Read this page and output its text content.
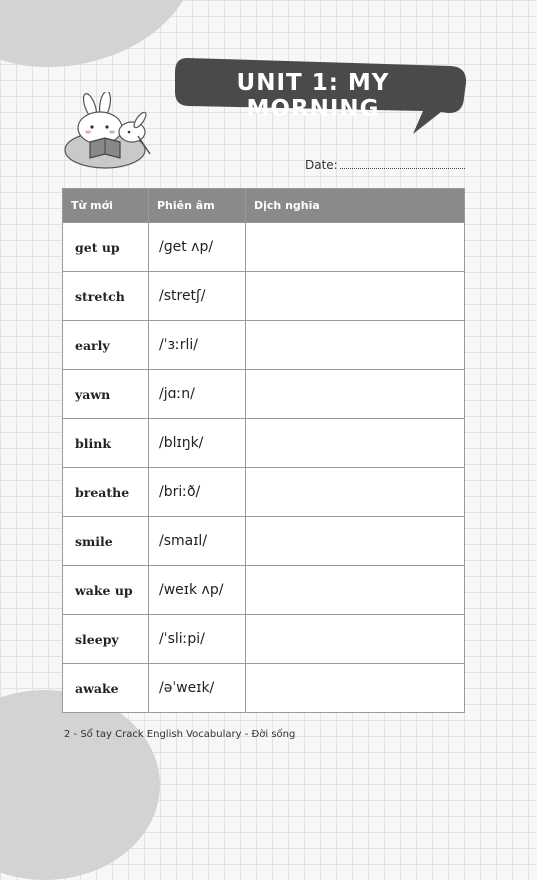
UNIT 1: MY MORNING
Date:
Từ mới	Phiên âm	Dịch nghĩa
get up	/ɡet ʌp/	
stretch	/stretʃ/	
early	/ˈɜːrli/	
yawn	/jɑːn/	
blink	/blɪŋk/	
breathe	/briːð/	
smile	/smaɪl/	
wake up	/weɪk ʌp/	
sleepy	/ˈsliːpi/	
awake	/əˈweɪk/	
2 - Sổ tay Crack English Vocabulary - Đời sống
